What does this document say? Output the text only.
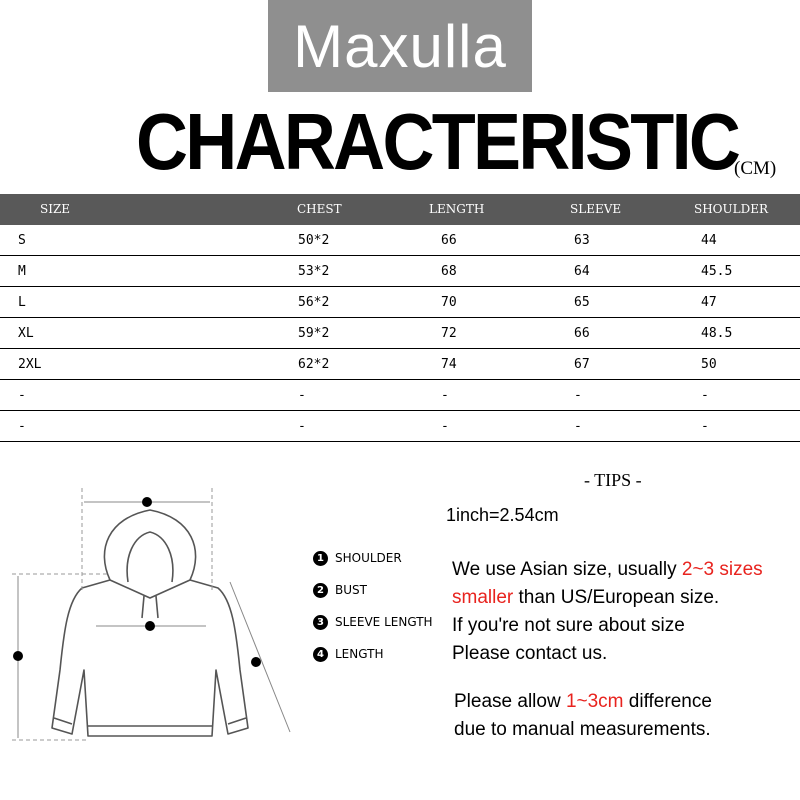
Maxulla
CHARACTERISTIC
(CM)
SIZE	CHEST	LENGTH	SLEEVE	SHOULDER
S	50*2	66	63	44
M	53*2	68	64	45.5
L	56*2	70	65	47
XL	59*2	72	66	48.5
2XL	62*2	74	67	50
-	-	-	-	-
-	-	-	-	-
1 SHOULDER
2 BUST
3 SLEEVE LENGTH
4 LENGTH
- TIPS -
1inch=2.54cm
We use Asian size, usually 2~3 sizes
smaller than US/European size.
If you're not sure about size
Please contact us.
Please allow 1~3cm difference
due to manual measurements.
